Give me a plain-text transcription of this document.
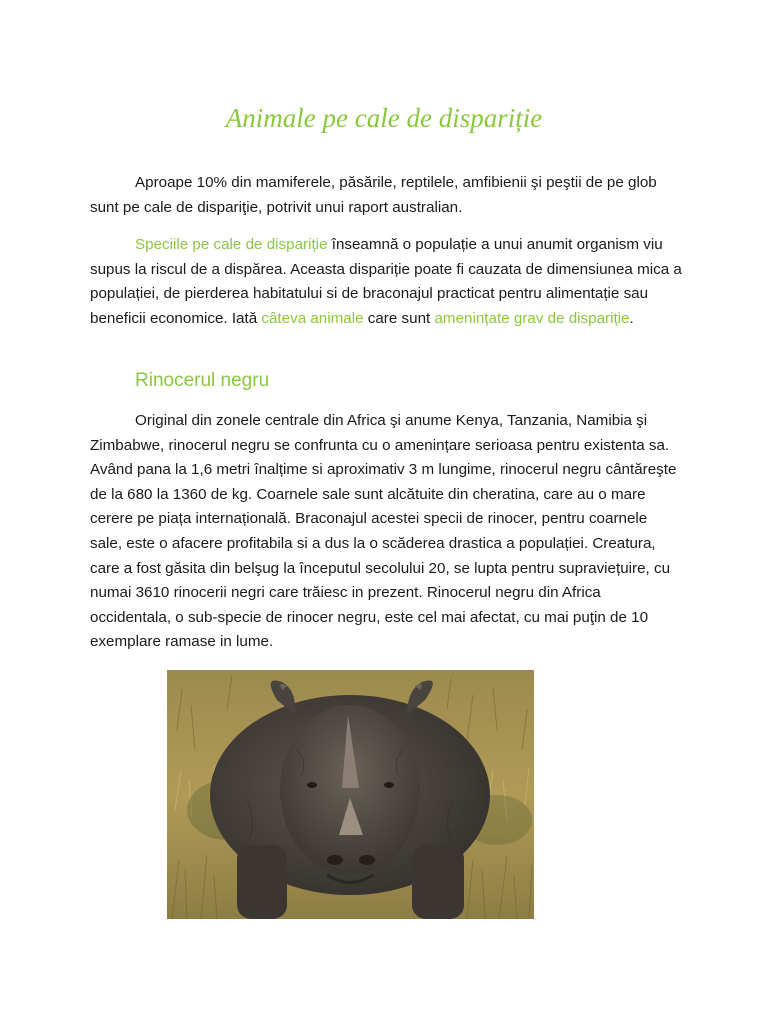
Animale pe cale de dispariție

Aproape 10% din mamiferele, păsările, reptilele, amfibienii şi peştii de pe glob sunt pe cale de dispariţie, potrivit unui raport australian.

Speciile pe cale de dispariție înseamnă o populație a unui anumit organism viu supus la riscul de a dispărea. Aceasta dispariție poate fi cauzata de dimensiunea mica a populației, de pierderea habitatului si de braconajul practicat pentru alimentație sau beneficii economice. Iată câteva animale care sunt amenințate grav de dispariție.

Rinocerul negru

Original din zonele centrale din Africa şi anume Kenya, Tanzania, Namibia şi Zimbabwe, rinocerul negru se confrunta cu o amenințare serioasa pentru existenta sa. Având pana la 1,6 metri înalțime si aproximativ 3 m lungime, rinocerul negru cântăreşte de la 680 la 1360 de kg. Coarnele sale sunt alcătuite din cheratina, care au o mare cerere pe piața internațională. Braconajul acestei specii de rinocer, pentru coarnele sale, este o afacere profitabila si a dus la o scăderea drastica a populației. Creatura, care a fost găsita din belşug la începutul secolului 20, se lupta pentru supraviețuire, cu numai 3610 rinocerii negri care trăiesc in prezent. Rinocerul negru din Africa occidentala, o sub-specie de rinocer negru, este cel mai afectat, cu mai puţin de 10 exemplare ramase in lume.
